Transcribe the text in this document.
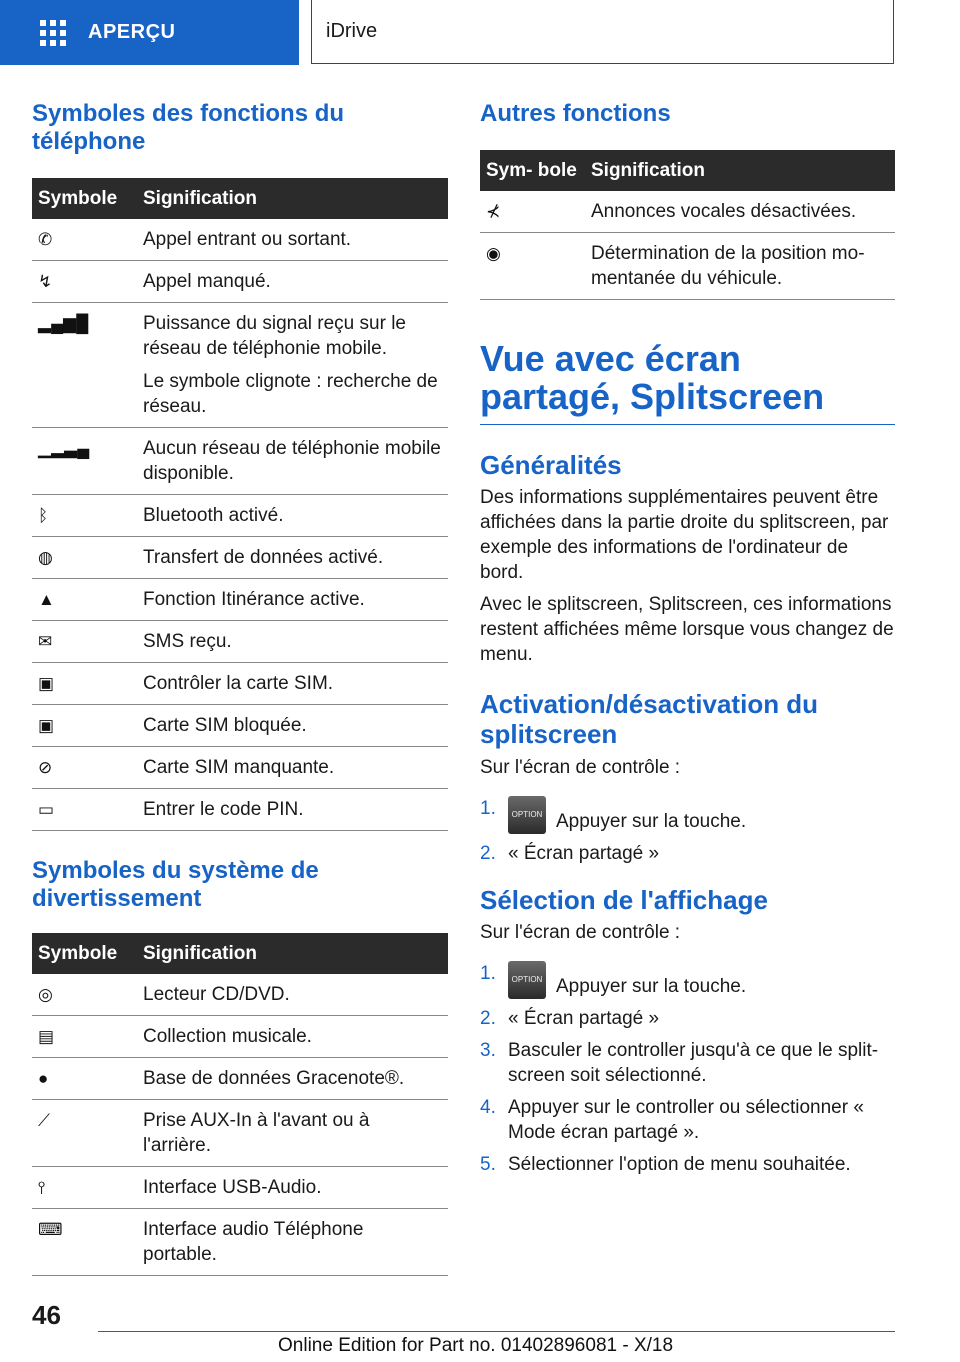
APERÇU	iDrive
Symboles des fonctions du téléphone
Symbole	Signification
✆	Appel entrant ou sortant.

↯	Appel manqué.

▂▄▆█	Puissance du signal reçu sur le réseau de téléphonie mobile.

Le symbole clignote : recherche de réseau.

▁▂▃▄	Aucun réseau de téléphonie mobile disponible.

ᛒ	Bluetooth activé.

◍	Transfert de données activé.

▲	Fonction Itinérance active.

✉	SMS reçu.

▣	Contrôler la carte SIM.

▣	Carte SIM bloquée.

⊘	Carte SIM manquante.

▭	Entrer le code PIN.

Symboles du système de divertissement
Symbole	Signification
◎	Lecteur CD/DVD.

▤	Collection musicale.

●	Base de données Gracenote®.

⟋	Prise AUX-In à l'avant ou à l'arrière.

⫯	Interface USB-Audio.

⌨	Interface audio Téléphone portable.

Autres fonctions
Sym‐ bole	Signification
⊀	Annonces vocales désactivées.

◉	Détermination de la position mo‐ mentanée du véhicule.

Vue avec écran partagé, Splitscreen
Généralités

Des informations supplémentaires peuvent être affichées dans la partie droite du splitscreen, par exemple des informations de l'ordinateur de bord.

Avec le splitscreen, Splitscreen, ces informations restent affichées même lorsque vous changez de menu.

Activation/désactivation du splitscreen

Sur l'écran de contrôle :

1.	OPTION Appuyer sur la touche.
2. « Écran partagé »
Sélection de l'affichage

Sur l'écran de contrôle :

1.	OPTION Appuyer sur la touche.
2. « Écran partagé »
3. Basculer le controller jusqu'à ce que le split‐ screen soit sélectionné.
4. Appuyer sur le controller ou sélectionner « Mode écran partagé ».
5. Sélectionner l'option de menu souhaitée.
46
Online Edition for Part no. 01402896081 - X/18
